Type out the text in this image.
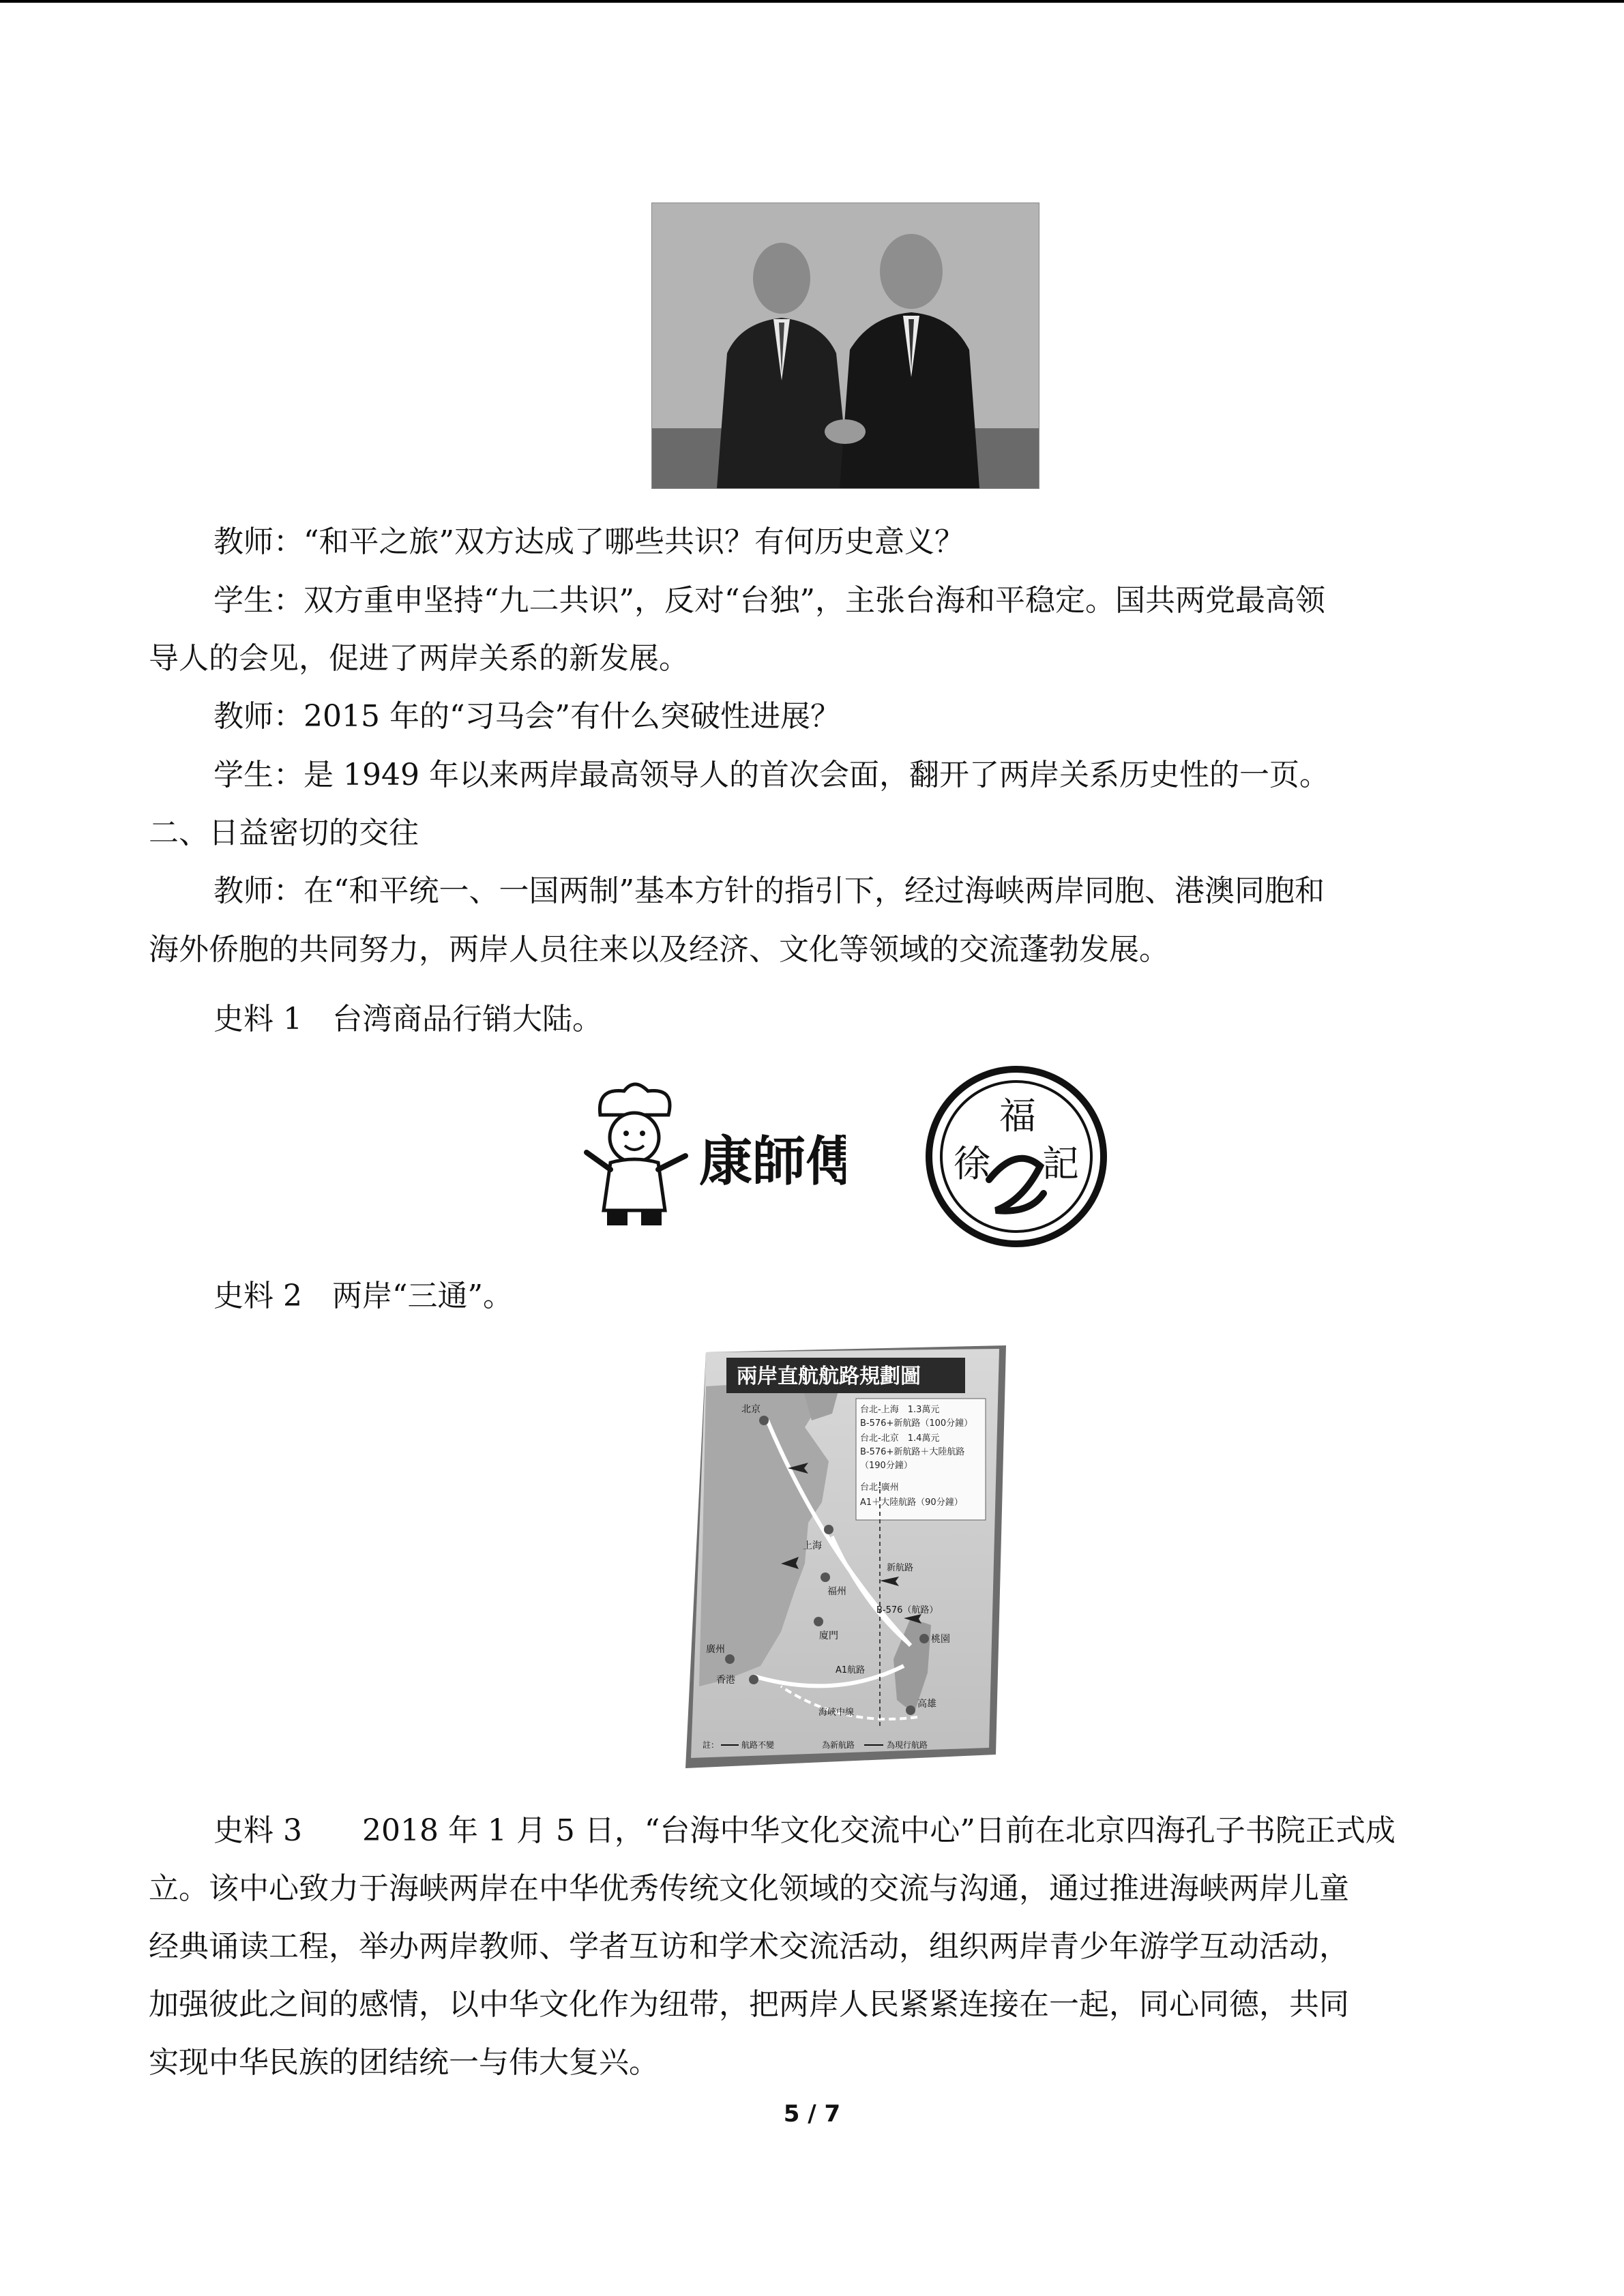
教师：“和平之旅”双方达成了哪些共识？有何历史意义？
学生：双方重申坚持“九二共识”，反对“台独”，主张台海和平稳定。国共两党最高领
导人的会见，促进了两岸关系的新发展。
教师：2015 年的“习马会”有什么突破性进展？
学生：是 1949 年以来两岸最高领导人的首次会面，翻开了两岸关系历史性的一页。
二、日益密切的交往
教师：在“和平统一、一国两制”基本方针的指引下，经过海峡两岸同胞、港澳同胞和
海外侨胞的共同努力，两岸人员往来以及经济、文化等领域的交流蓬勃发展。
史料 1　台湾商品行销大陆。
康師傅
福
徐 記
史料 2　两岸“三通”。
兩岸直航航路規劃圖
台北-上海　1.3萬元
B-576+新航路（100分鐘）
台北-北京　1.4萬元
B-576+新航路＋大陸航路
（190分鐘）
台北-廣州
A1＋大陸航路（90分鐘）
北京
上海
福州
廈門
廣州
香港
桃園
高雄
新航路
B-576（航路）
A1航路
海峽中線
註：	航路不變	為新航路	為現行航路
史料 3　　2018 年 1 月 5 日，“台海中华文化交流中心”日前在北京四海孔子书院正式成
立。该中心致力于海峡两岸在中华优秀传统文化领域的交流与沟通，通过推进海峡两岸儿童
经典诵读工程，举办两岸教师、学者互访和学术交流活动，组织两岸青少年游学互动活动，
加强彼此之间的感情，以中华文化作为纽带，把两岸人民紧紧连接在一起，同心同德，共同
实现中华民族的团结统一与伟大复兴。
5 / 7
